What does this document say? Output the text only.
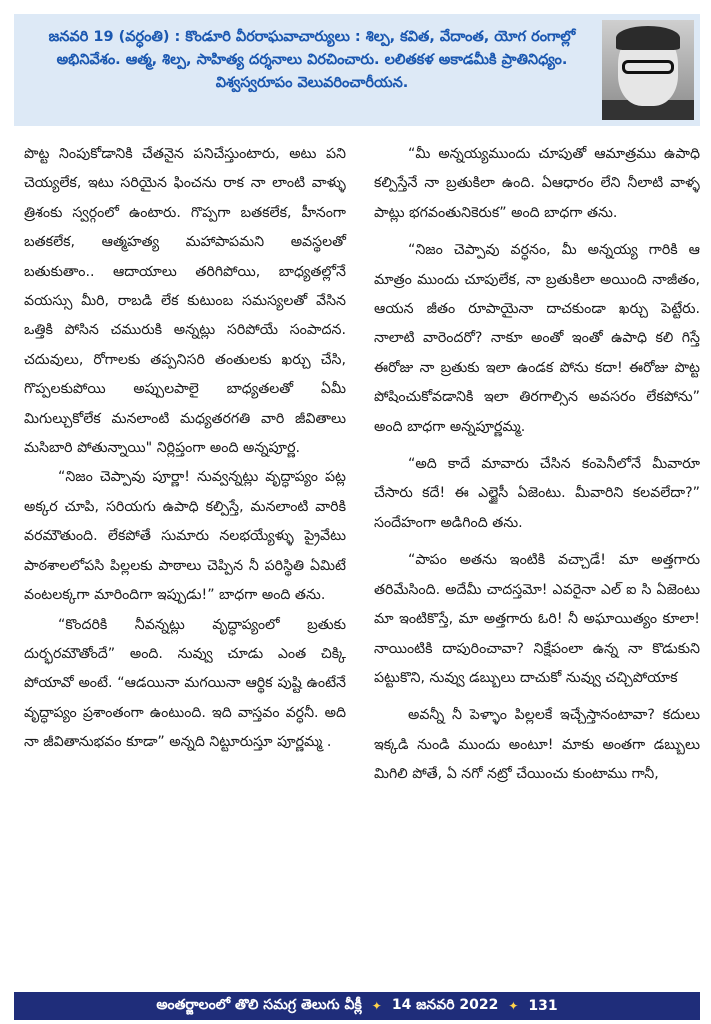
జనవరి 19 (వర్ధంతి) : కొండూరి వీరరాఘవాచార్యులు : శిల్ప, కవిత, వేదాంత, యోగ రంగాల్లో అభినివేశం. ఆత్మ, శిల్ప, సాహిత్య దర్శనాలు విరచించారు. లలితకళ అకాడమీకి ప్రాతినిధ్యం. విశ్వస్వరూపం వెలువరించారీయన.

పొట్ట నింపుకోడానికి చేతనైన పనిచేస్తుంటారు, అటు పని చెయ్యలేక, ఇటు సరియైన ఫించను రాక నా లాంటి వాళ్ళు త్రిశంకు స్వర్గంలో ఉంటారు. గొప్పగా బతకలేక, హీనంగా బతకలేక, ఆత్మహత్య మహాపాపమని అవస్థలతో బతుకుతాం.. ఆదాయాలు తరిగిపోయి, బాధ్యతల్లోనే వయస్సు మీరి, రాబడి లేక కుటుంబ సమస్యలతో వేసిన ఒత్తికి పోసిన చమురుకి అన్నట్లు సరిపోయే సంపాదన. చదువులు, రోగాలకు తప్పనిసరి తంతులకు ఖర్చు చేసి, గొప్పలకుపోయి అప్పులపాలై బాధ్యతలతో ఏమీ మిగుల్చుకోలేక మనలాంటి మధ్యతరగతి వారి జీవితాలు మసిబారి పోతున్నాయి" నిర్లిప్తంగా అంది అన్నపూర్ణ.

“నిజం చెప్పావు పూర్ణా! నువ్వన్నట్లు వృద్ధాప్యం పట్ల అక్కర చూపి, సరియగు ఉపాధి కల్పిస్తే, మనలాంటి వారికి వరమౌతుంది. లేకపోతే సుమారు నలభయ్యేళ్ళు ప్రైవేటు పాఠశాలలోపసి పిల్లలకు పాఠాలు చెప్పిన నీ పరిస్థితి ఏమిటే వంటలక్కగా మారిందిగా ఇప్పుడు!” బాధగా అంది తను.

“కొందరికి నీవన్నట్లు వృద్ధాప్యంలో బ్రతుకు దుర్భరమౌతోందే” అంది. నువ్వు చూడు ఎంత చిక్కి పోయావో అంటే. “ఆడయినా మగయినా ఆర్థిక పుష్టి ఉంటేనే వృద్ధాప్యం ప్రశాంతంగా ఉంటుంది. ఇది వాస్తవం వర్ధనీ. అది నా జీవితానుభవం కూడా” అన్నది నిట్టూరుస్తూ పూర్ణమ్మ .

“మీ అన్నయ్యముందు చూపుతో ఆమాత్రము ఉపాధి కల్పిస్తేనే నా బ్రతుకిలా ఉంది. ఏఆధారం లేని నీలాటి వాళ్ళ పాట్లు భగవంతునికెరుక” అంది బాధగా తను.

“నిజం చెప్పావు వర్ధనం, మీ అన్నయ్య గారికి ఆ మాత్రం ముందు చూపులేక, నా బ్రతుకిలా అయింది నాజీతం, ఆయన జీతం రూపాయైనా దాచకుండా ఖర్చు పెట్టేరు. నాలాటి వారెందరో? నాకూ అంతో ఇంతో ఉపాధి కలి గిస్తే ఈరోజు నా బ్రతుకు ఇలా ఉండక పోను కదా! ఈరోజు పొట్ట పోషించుకోవడానికి ఇలా తిరగాల్సిన అవసరం లేకపోను” అంది బాధగా అన్నపూర్ణమ్మ.

“అది కాదే మావారు చేసిన కంపెనీలోనే మీవారూ చేసారు కదే! ఈ ఎల్జైసీ ఏజెంటు. మీవారిని కలవలేదా?” సందేహంగా అడిగింది తను.

“పాపం అతను ఇంటికి వచ్చాడే! మా అత్తగారు తరిమేసింది. అదేమీ చాదస్తమో! ఎవరైనా ఎల్ ఐ సి ఏజెంటు మా ఇంటికొస్తే, మా అత్తగారు ఓరి! నీ అఘాయిత్యం కూలా! నాయింటికి దాపురించావా? నిక్షేపంలా ఉన్న నా కొడుకుని పట్టుకొని, నువ్వు డబ్బులు దాచుకో నువ్వు చచ్చిపోయాక

అవన్నీ నీ పెళ్ళాం పిల్లలకే ఇచ్చేస్తానంటావా? కదులు ఇక్కడి నుండి ముందు అంటూ! మాకు అంతగా డబ్బులు మిగిలి పోతే, ఏ నగో నట్రో చేయించు కుంటాము గానీ,

అంతర్జాలంలో తొలి సమగ్ర తెలుగు వీక్లీ ✦ 14 జనవరి 2022 ✦ 131
